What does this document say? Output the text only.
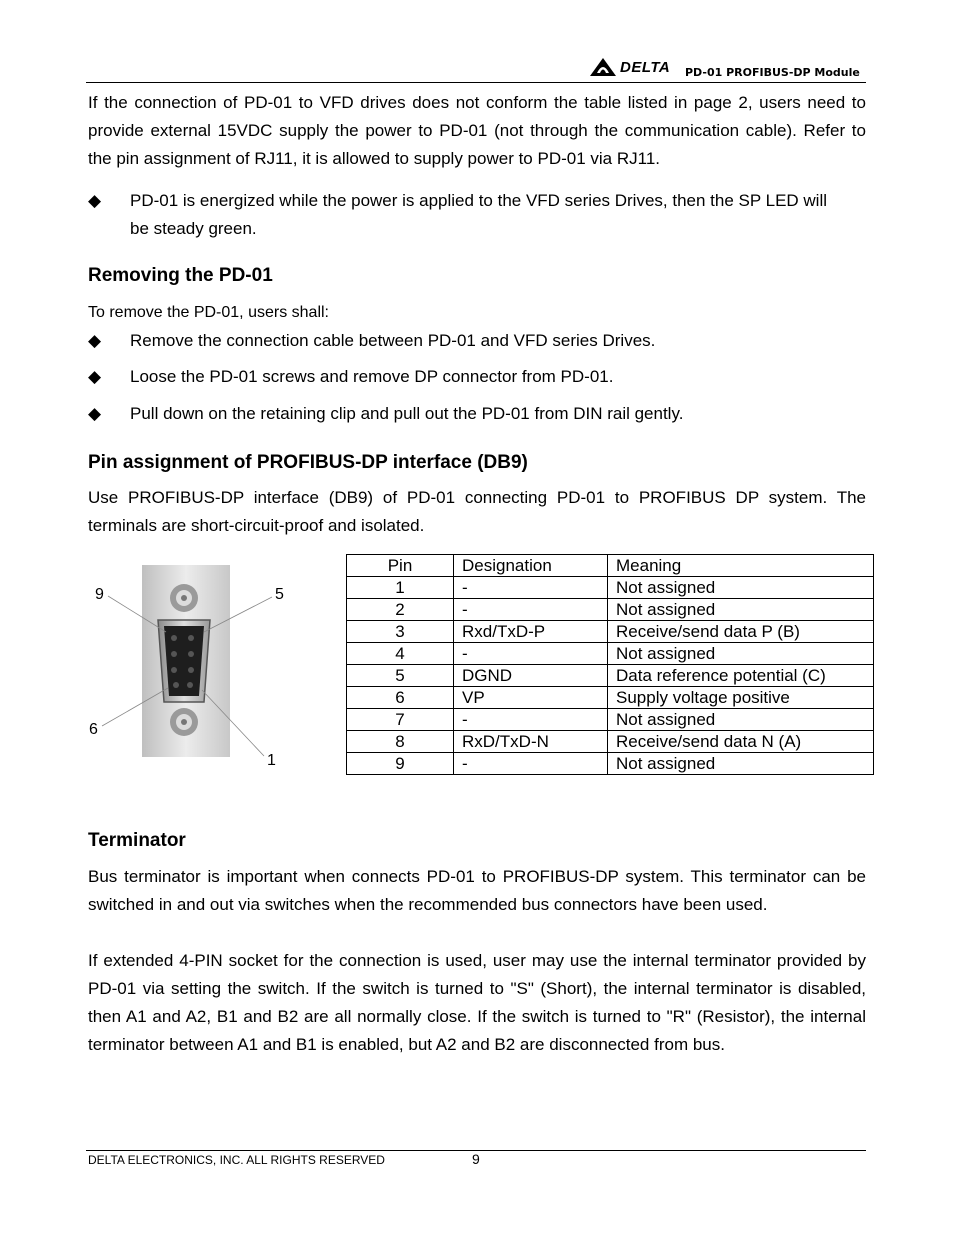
DELTA PD-01 PROFIBUS-DP Module
If the connection of PD-01 to VFD drives does not conform the table listed in page 2, users need to provide external 15VDC supply the power to PD-01 (not through the communication cable). Refer to the pin assignment of RJ11, it is allowed to supply power to PD-01 via RJ11.
◆ PD-01 is energized while the power is applied to the VFD series Drives, then the SP LED will be steady green.
Removing the PD-01
To remove the PD-01, users shall:
◆ Remove the connection cable between PD-01 and VFD series Drives.
◆ Loose the PD-01 screws and remove DP connector from PD-01.
◆ Pull down on the retaining clip and pull out the PD-01 from DIN rail gently.
Pin assignment of PROFIBUS-DP interface (DB9)
Use PROFIBUS-DP interface (DB9) of PD-01 connecting PD-01 to PROFIBUS DP system. The terminals are short-circuit-proof and isolated.
9	5
6
1
Pin	Designation	Meaning
1	-	Not assigned
2	-	Not assigned
3	Rxd/TxD-P	Receive/send data P (B)
4	-	Not assigned
5	DGND	Data reference potential (C)
6	VP	Supply voltage positive
7	-	Not assigned
8	RxD/TxD-N	Receive/send data N (A)
9	-	Not assigned
Terminator
Bus terminator is important when connects PD-01 to PROFIBUS-DP system. This terminator can be switched in and out via switches when the recommended bus connectors have been used.
If extended 4-PIN socket for the connection is used, user may use the internal terminator provided by PD-01 via setting the switch. If the switch is turned to "S" (Short), the internal terminator is disabled, then A1 and A2, B1 and B2 are all normally close. If the switch is turned to "R" (Resistor), the internal terminator between A1 and B1 is enabled, but A2 and B2 are disconnected from bus.
DELTA ELECTRONICS, INC. ALL RIGHTS RESERVED	9
